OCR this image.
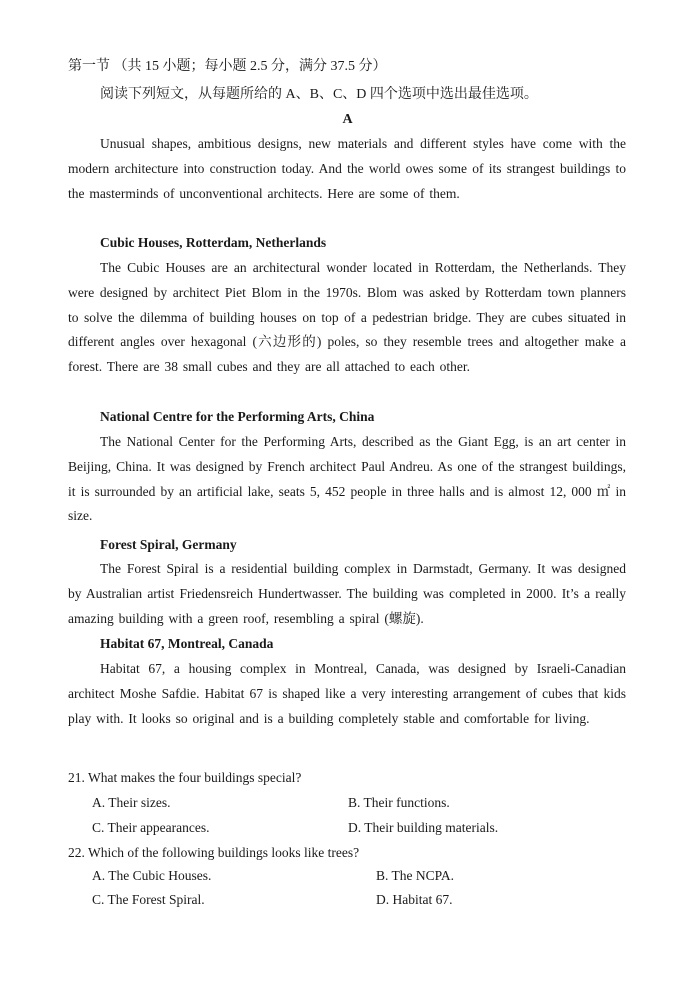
第一节 （共 15 小题；每小题 2.5 分，满分 37.5 分）
阅读下列短文，从每题所给的 A、B、C、D 四个选项中选出最佳选项。
A
Unusual shapes, ambitious designs, new materials and different styles have come with the modern architecture into construction today. And the world owes some of its strangest buildings to the masterminds of unconventional architects. Here are some of them.
Cubic Houses, Rotterdam, Netherlands
The Cubic Houses are an architectural wonder located in Rotterdam, the Netherlands. They were designed by architect Piet Blom in the 1970s. Blom was asked by Rotterdam town planners to solve the dilemma of building houses on top of a pedestrian bridge. They are cubes situated in different angles over hexagonal (六边形的) poles, so they resemble trees and altogether make a forest. There are 38 small cubes and they are all attached to each other.
National Centre for the Performing Arts, China
The National Center for the Performing Arts, described as the Giant Egg, is an art center in Beijing, China. It was designed by French architect Paul Andreu. As one of the strangest buildings, it is surrounded by an artificial lake, seats 5, 452 people in three halls and is almost 12, 000 ㎡ in size.
Forest Spiral, Germany
The Forest Spiral is a residential building complex in Darmstadt, Germany. It was designed by Australian artist Friedensreich Hundertwasser. The building was completed in 2000. It’s a really amazing building with a green roof, resembling a spiral (螺旋).
Habitat 67, Montreal, Canada
Habitat 67, a housing complex in Montreal, Canada, was designed by Israeli-Canadian architect Moshe Safdie. Habitat 67 is shaped like a very interesting arrangement of cubes that kids play with. It looks so original and is a building completely stable and comfortable for living.
21. What makes the four buildings special?
A. Their sizes.	B. Their functions.
C. Their appearances.	D. Their building materials.
22. Which of the following buildings looks like trees?
A. The Cubic Houses.	B. The NCPA.
C. The Forest Spiral.	D. Habitat 67.
